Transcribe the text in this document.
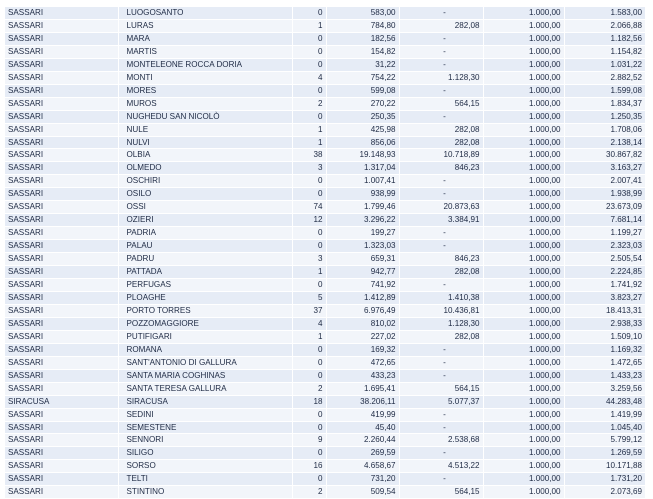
SASSARI	LUOGOSANTO	0	583,00	-	1.000,00	1.583,00
SASSARI	LURAS	1	784,80	282,08	1.000,00	2.066,88
SASSARI	MARA	0	182,56	-	1.000,00	1.182,56
SASSARI	MARTIS	0	154,82	-	1.000,00	1.154,82
SASSARI	MONTELEONE ROCCA DORIA	0	31,22	-	1.000,00	1.031,22
SASSARI	MONTI	4	754,22	1.128,30	1.000,00	2.882,52
SASSARI	MORES	0	599,08	-	1.000,00	1.599,08
SASSARI	MUROS	2	270,22	564,15	1.000,00	1.834,37
SASSARI	NUGHEDU SAN NICOLÒ	0	250,35	-	1.000,00	1.250,35
SASSARI	NULE	1	425,98	282,08	1.000,00	1.708,06
SASSARI	NULVI	1	856,06	282,08	1.000,00	2.138,14
SASSARI	OLBIA	38	19.148,93	10.718,89	1.000,00	30.867,82
SASSARI	OLMEDO	3	1.317,04	846,23	1.000,00	3.163,27
SASSARI	OSCHIRI	0	1.007,41	-	1.000,00	2.007,41
SASSARI	OSILO	0	938,99	-	1.000,00	1.938,99
SASSARI	OSSI	74	1.799,46	20.873,63	1.000,00	23.673,09
SASSARI	OZIERI	12	3.296,22	3.384,91	1.000,00	7.681,14
SASSARI	PADRIA	0	199,27	-	1.000,00	1.199,27
SASSARI	PALAU	0	1.323,03	-	1.000,00	2.323,03
SASSARI	PADRU	3	659,31	846,23	1.000,00	2.505,54
SASSARI	PATTADA	1	942,77	282,08	1.000,00	2.224,85
SASSARI	PERFUGAS	0	741,92	-	1.000,00	1.741,92
SASSARI	PLOAGHE	5	1.412,89	1.410,38	1.000,00	3.823,27
SASSARI	PORTO TORRES	37	6.976,49	10.436,81	1.000,00	18.413,31
SASSARI	POZZOMAGGIORE	4	810,02	1.128,30	1.000,00	2.938,33
SASSARI	PUTIFIGARI	1	227,02	282,08	1.000,00	1.509,10
SASSARI	ROMANA	0	169,32	-	1.000,00	1.169,32
SASSARI	SANT'ANTONIO DI GALLURA	0	472,65	-	1.000,00	1.472,65
SASSARI	SANTA MARIA COGHINAS	0	433,23	-	1.000,00	1.433,23
SASSARI	SANTA TERESA GALLURA	2	1.695,41	564,15	1.000,00	3.259,56
SIRACUSA	SIRACUSA	18	38.206,11	5.077,37	1.000,00	44.283,48
SASSARI	SEDINI	0	419,99	-	1.000,00	1.419,99
SASSARI	SEMESTENE	0	45,40	-	1.000,00	1.045,40
SASSARI	SENNORI	9	2.260,44	2.538,68	1.000,00	5.799,12
SASSARI	SILIGO	0	269,59	-	1.000,00	1.269,59
SASSARI	SORSO	16	4.658,67	4.513,22	1.000,00	10.171,88
SASSARI	TELTI	0	731,20	-	1.000,00	1.731,20
SASSARI	STINTINO	2	509,54	564,15	1.000,00	2.073,69
